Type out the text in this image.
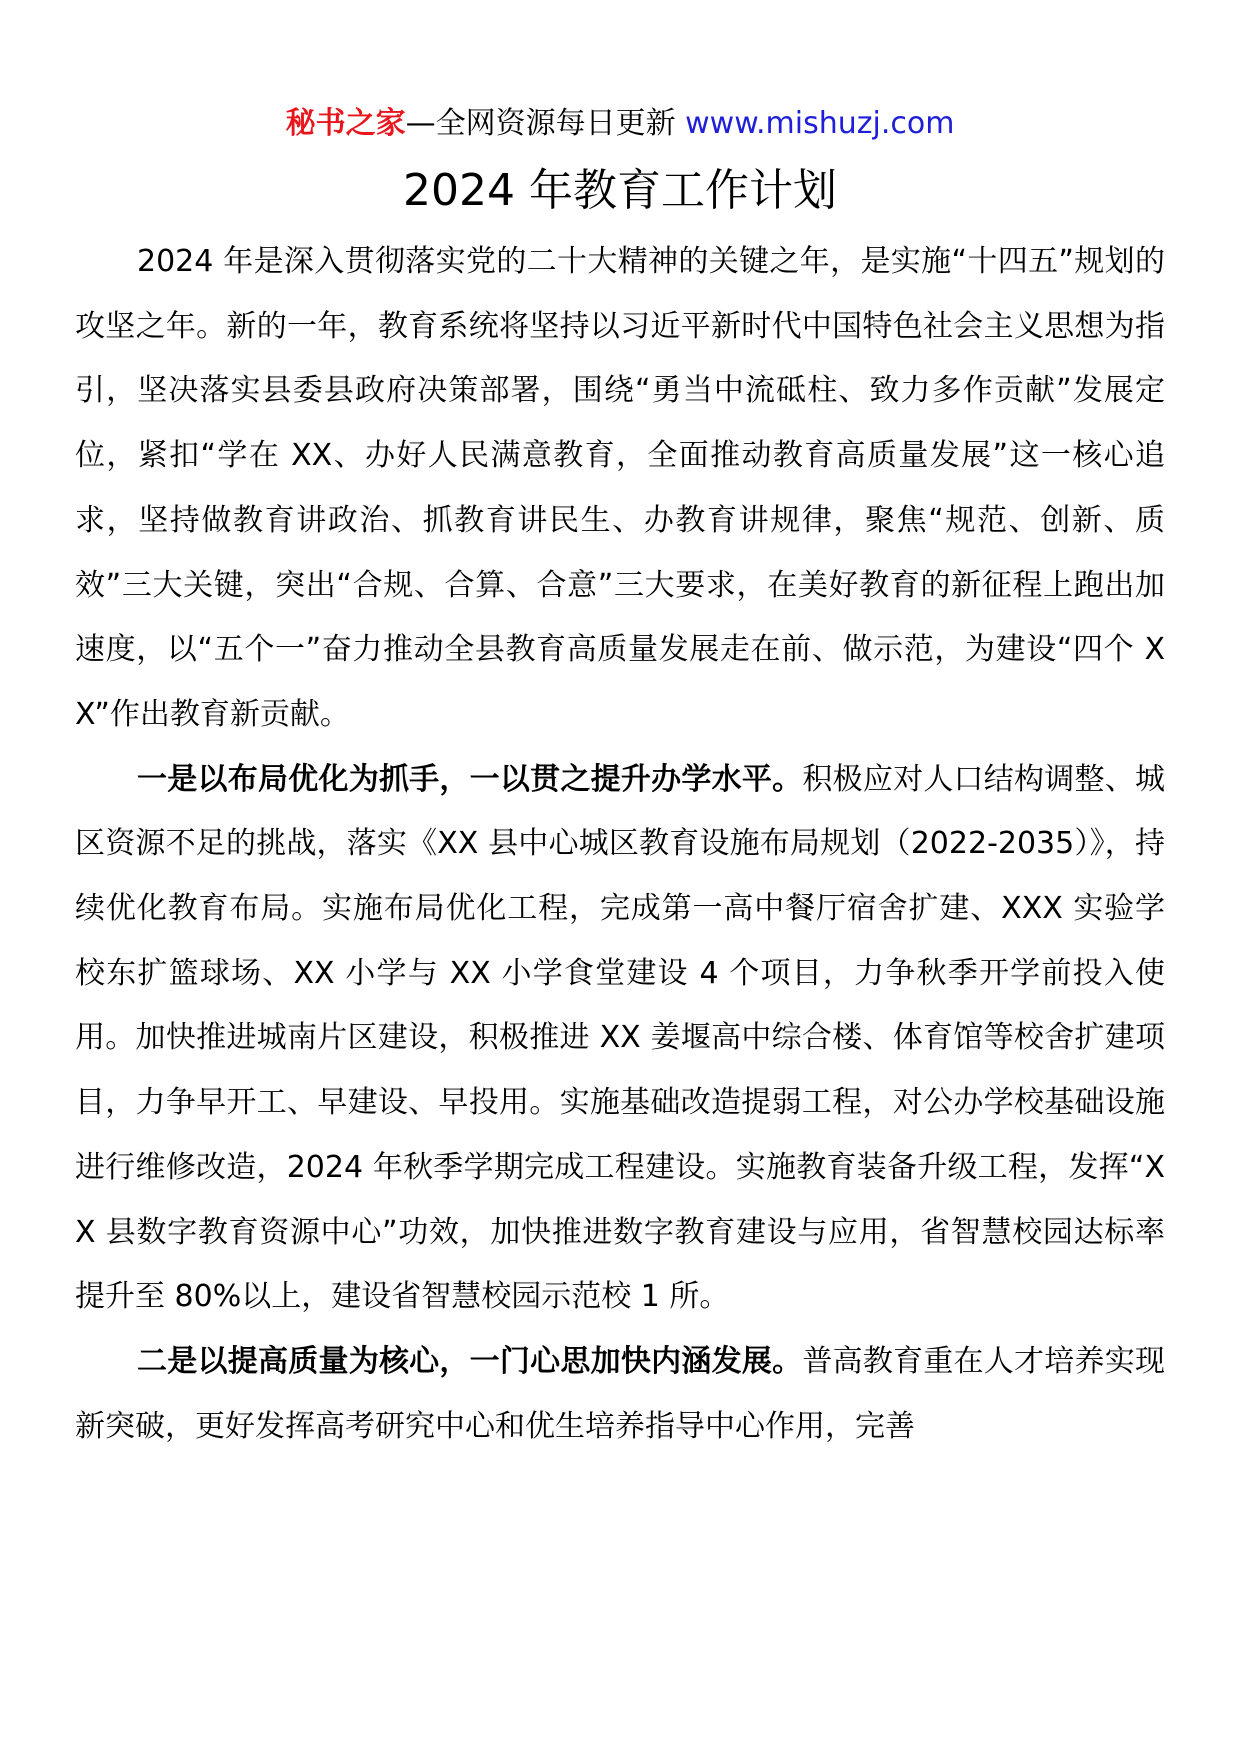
秘书之家—全网资源每日更新 www.mishuzj.com
2024 年教育工作计划

2024 年是深入贯彻落实党的二十大精神的关键之年，是实施“十四五”规划的攻坚之年。新的一年，教育系统将坚持以习近平新时代中国特色社会主义思想为指引，坚决落实县委县政府决策部署，围绕“勇当中流砥柱、致力多作贡献”发展定位，紧扣“学在 XX、办好人民满意教育，全面推动教育高质量发展”这一核心追求，坚持做教育讲政治、抓教育讲民生、办教育讲规律，聚焦“规范、创新、质效”三大关键，突出“合规、合算、合意”三大要求，在美好教育的新征程上跑出加速度，以“五个一”奋力推动全县教育高质量发展走在前、做示范，为建设“四个 XX”作出教育新贡献。

一是以布局优化为抓手，一以贯之提升办学水平。积极应对人口结构调整、城区资源不足的挑战，落实《XX 县中心城区教育设施布局规划（2022-2035）》，持续优化教育布局。实施布局优化工程，完成第一高中餐厅宿舍扩建、XXX 实验学校东扩篮球场、XX 小学与 XX 小学食堂建设 4 个项目，力争秋季开学前投入使用。加快推进城南片区建设，积极推进 XX 姜堰高中综合楼、体育馆等校舍扩建项目，力争早开工、早建设、早投用。实施基础改造提弱工程，对公办学校基础设施进行维修改造，2024 年秋季学期完成工程建设。实施教育装备升级工程，发挥“XX 县数字教育资源中心”功效，加快推进数字教育建设与应用，省智慧校园达标率提升至 80%以上，建设省智慧校园示范校 1 所。

二是以提高质量为核心，一门心思加快内涵发展。普高教育重在人才培养实现新突破，更好发挥高考研究中心和优生培养指导中心作用，完善
